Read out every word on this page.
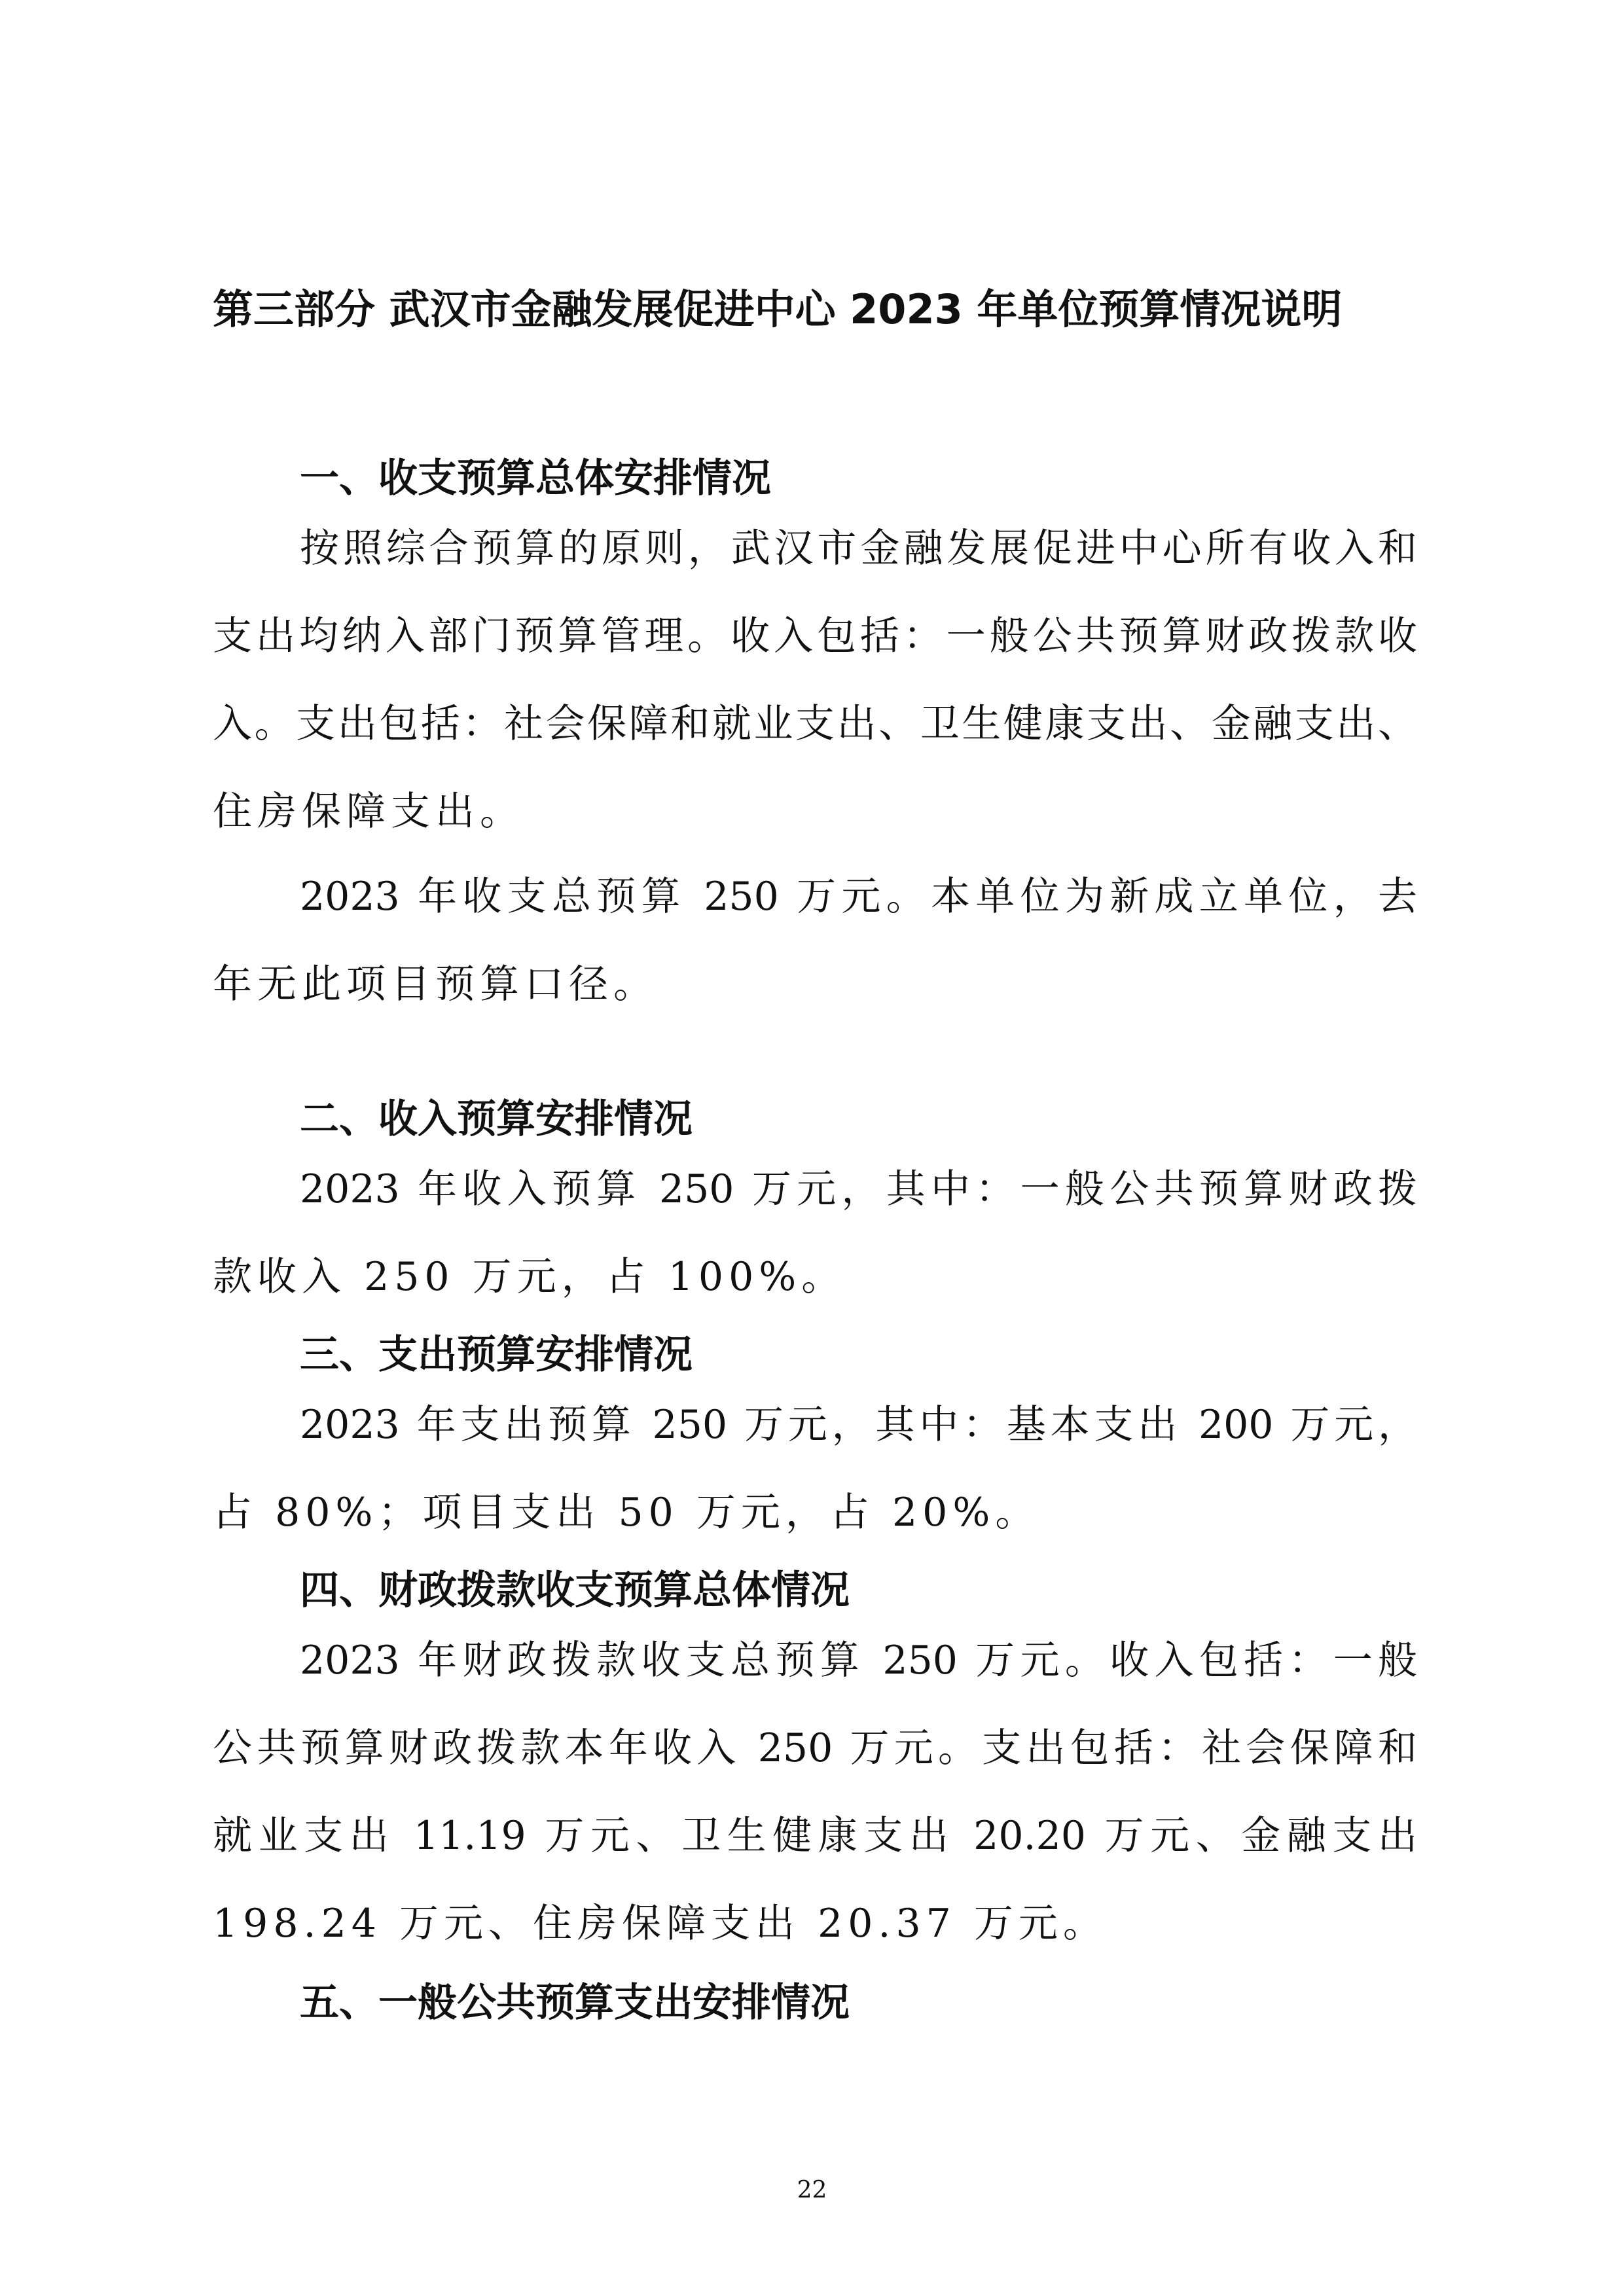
第三部分 武汉市金融发展促进中心 2023 年单位预算情况说明
一、收支预算总体安排情况

按照综合预算的原则，武汉市金融发展促进中心所有收入和

支出均纳入部门预算管理。收入包括：一般公共预算财政拨款收

入。支出包括：社会保障和就业支出、卫生健康支出、金融支出、

住房保障支出。

2023 年收支总预算 250 万元。本单位为新成立单位，去

年无此项目预算口径。

二、收入预算安排情况

2023 年收入预算 250 万元，其中：一般公共预算财政拨

款收入 250 万元，占 100%。

三、支出预算安排情况

2023 年支出预算 250 万元，其中：基本支出 200 万元，

占 80%；项目支出 50 万元，占 20%。

四、财政拨款收支预算总体情况

2023 年财政拨款收支总预算 250 万元。收入包括：一般

公共预算财政拨款本年收入 250 万元。支出包括：社会保障和

就业支出 11.19 万元、卫生健康支出 20.20 万元、金融支出

198.24 万元、住房保障支出 20.37 万元。

五、一般公共预算支出安排情况
22
